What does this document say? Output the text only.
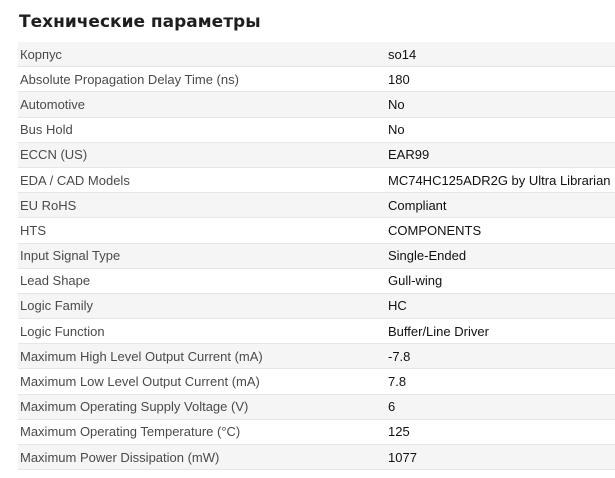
Технические параметры
Корпус	so14
Absolute Propagation Delay Time (ns)	180
Automotive	No
Bus Hold	No
ECCN (US)	EAR99
EDA / CAD Models	MC74HC125ADR2G by Ultra Librarian
EU RoHS	Compliant
HTS	COMPONENTS
Input Signal Type	Single-Ended
Lead Shape	Gull-wing
Logic Family	HC
Logic Function	Buffer/Line Driver
Maximum High Level Output Current (mA)	-7.8
Maximum Low Level Output Current (mA)	7.8
Maximum Operating Supply Voltage (V)	6
Maximum Operating Temperature (°C)	125
Maximum Power Dissipation (mW)	1077
